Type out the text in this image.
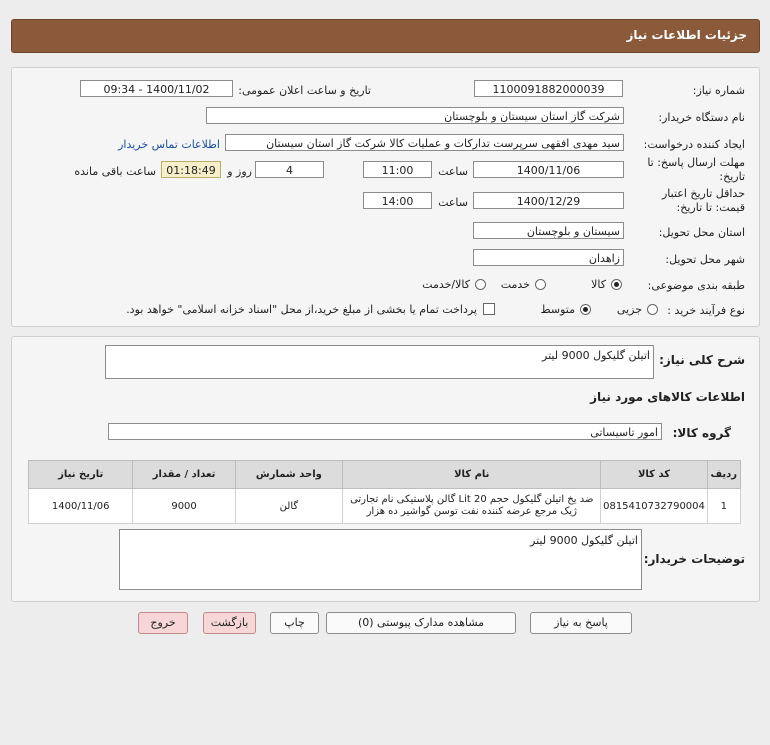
جزئیات اطلاعات نیاز
شماره نیاز:
1100091882000039
تاریخ و ساعت اعلان عمومی:
1400/11/02 - 09:34
نام دستگاه خریدار:
شرکت گاز استان سیستان و بلوچستان
ایجاد کننده درخواست:
سید مهدی افقهی سرپرست تدارکات و عملیات کالا شرکت گاز استان سیستان
اطلاعات تماس خریدار
مهلت ارسال پاسخ: تا تاریخ:
1400/11/06
ساعت
11:00
4
روز و
01:18:49
ساعت باقی مانده
حداقل تاریخ اعتبار قیمت: تا تاریخ:
1400/12/29
ساعت
14:00
استان محل تحویل:
سیستان و بلوچستان
شهر محل تحویل:
زاهدان
طبقه بندی موضوعی:
کالا
خدمت
کالا/خدمت
نوع فرآیند خرید :
جزیی
متوسط
پرداخت تمام یا بخشی از مبلغ خرید،از محل "اسناد خزانه اسلامی" خواهد بود.
شرح کلی نیاز:
اتیلن گلیکول 9000 لیتر
اطلاعات کالاهای مورد نیاز
گروه کالا:
امور تاسیساتی
توضیحات خریدار:
اتیلن گلیکول 9000 لیتر
ردیف	کد کالا	نام کالا	واحد شمارش	تعداد / مقدار	تاریخ نیاز
1	0815410732790004	ضد یخ اتیلن گلیکول حجم 20 Lit گالن پلاستیکی نام تجارتی ژیک مرجع عرضه کننده نفت توسن گواشیر ده هزار	گالن	9000	1400/11/06
پاسخ به نیاز
مشاهده مدارک پیوستی (0)
چاپ
بازگشت
خروج
